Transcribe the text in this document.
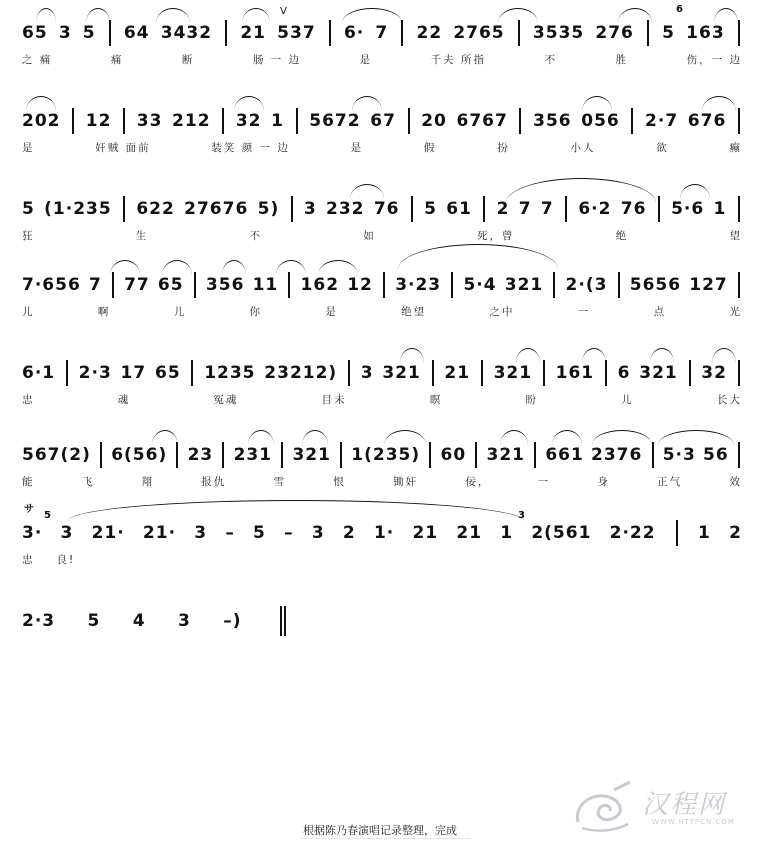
V	6
65 3 5 64 3432 21 537 6· 7 22 2765 3535 276 5 163
之 痛	痛	断	肠 一 边	是	千夫 所指	不	胜	伤，一 边
202 12 33 212 32 1 5672 67 20 6767 356 056 2·7 676
是	奸贼 面前	装笑 颜 一 边	是	假	扮	小人	欲	癫
5 (1·235 622 27676 5) 3 232 76 5 61 2 7 7 6·2 76 5·6 1
狂	生	不	如	死，曾	绝	望
7·656 7 77 65 356 11 162 12 3·23 5·4 321 2·(3 5656 127
儿	啊	儿	你	是	绝望	之中	一	点	光
6·1 2·3 17 65 1235 23212) 3 321 21 321 161 6 321 32
忠	魂	冤魂	目未	瞑	盼	儿	长大
567(2) 6(56) 23 231 321 1(235) 60 321 661 2376 5·3 56
能	飞	翔	报仇	雪	恨	锄奸	佞，	一	身	正气	效
サ
5	3
3· 3 21· 21· 3 – 5 – 3 2 1· 21 21 1 2(561 2·22 1 2
忠 良!
2·3 5 4 3 –)
汉程网
WWW.HTTPCN.COM
根据陈乃春演唱记录整理，完成
